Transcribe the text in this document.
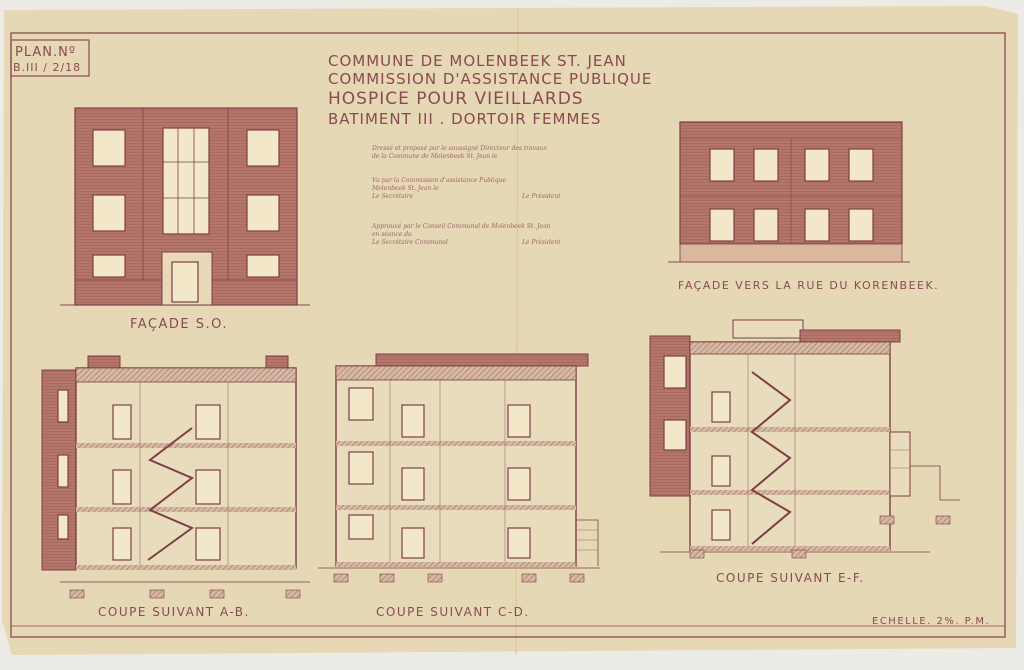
PLAN.Nº
B.III / 2/18	COMMUNE DE MOLENBEEK ST. JEAN
COMMISSION D'ASSISTANCE PUBLIQUE
HOSPICE POUR VIEILLARDS
BATIMENT III . DORTOIR FEMMES
Dressé et proposé par le soussigné Directeur des travaux
de la Commune de Molenbeek St. Jean le
Vu par la Commission d'assistance Publique
Molenbeek St. Jean le
Le Secrétaire	Le Président
Approuvé par le Conseil Communal de Molenbeek St. Jean
en séance du
Le Secrétaire Communal	Le Président
FAÇADE S.O.
FAÇADE VERS LA RUE DU KORENBEEK.
COUPE SUIVANT A-B.	COUPE SUIVANT C-D.
COUPE SUIVANT E-F.
ECHELLE. 2%. P.M.
